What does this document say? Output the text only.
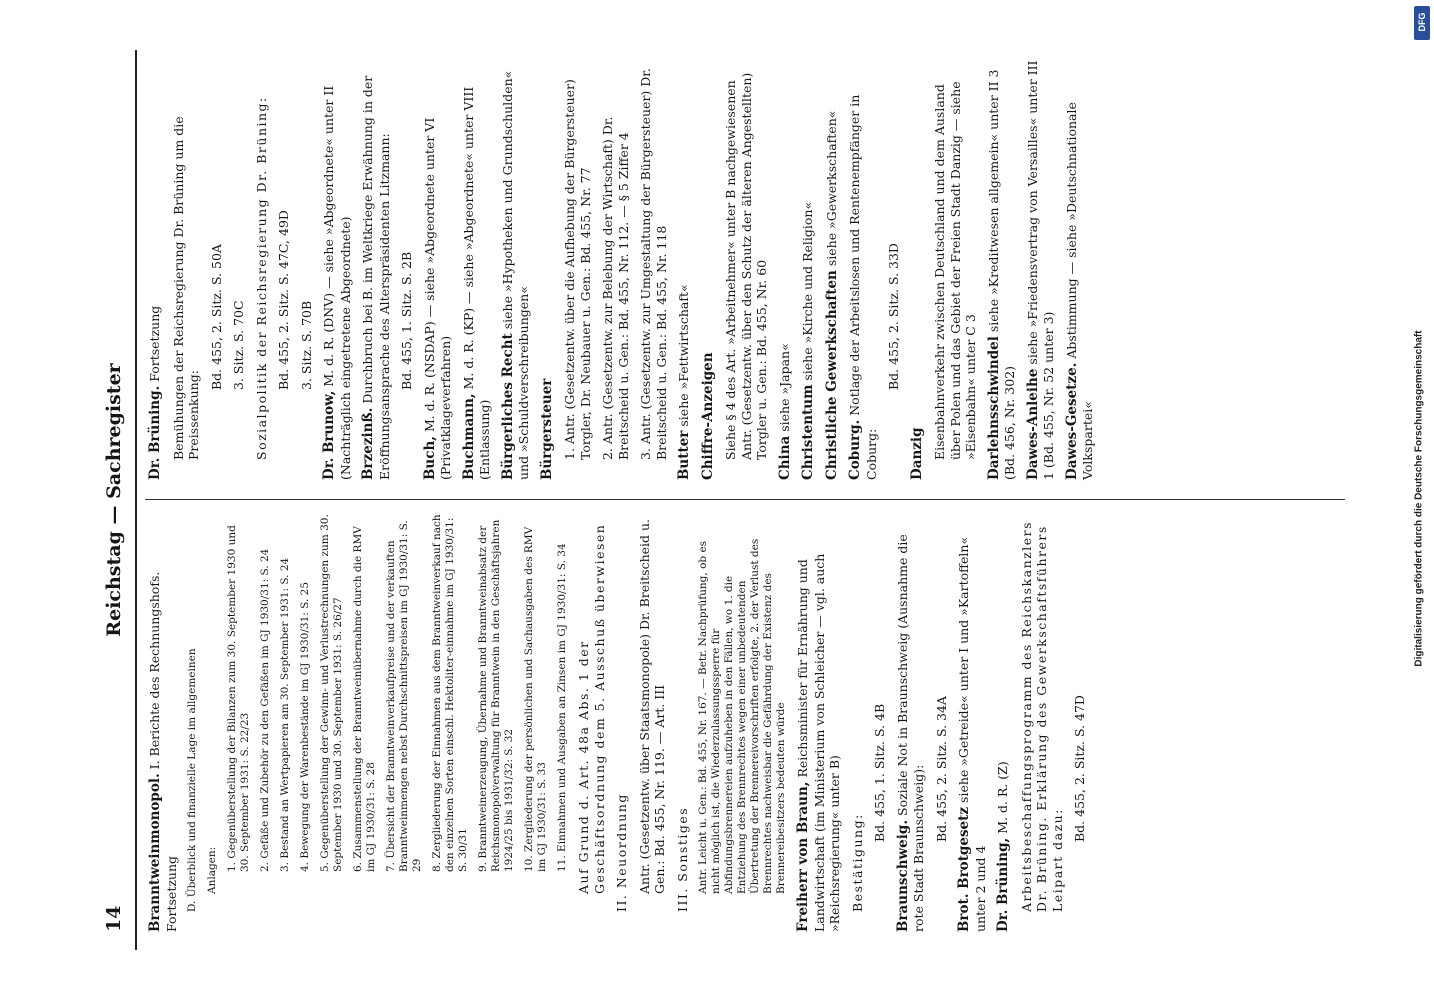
14
Reichstag — Sachregister
Branntweinmonopol. I. Berichte des Rechnungshofs. Fortsetzung D. Überblick und finanzielle Lage im allgemeinen Anlagen: 1. Gegenüberstellung der Bilanzen zum 30. September 1930 und 30. September 1931: S. 22/23 2. Gefäße und Zubehör zu den Gefäßen im GJ 1930/31: S. 24 3. Bestand an Wertpapieren am 30. September 1931: S. 24 4. Bewegung der Warenbestände im GJ 1930/31: S. 25 5. Gegenüberstellung der Gewinn- und Verlustrechnungen zum 30. September 1930 und 30. September 1931: S. 26/27 6. Zusammenstellung der Branntweinübernahme durch die RMV im GJ 1930/31: S. 28 7. Übersicht der Branntweinverkaufpreise und der verkauften Branntweinmengen nebst Durchschnittspreisen im GJ 1930/31: S. 29 8. Zergliederung der Einnahmen aus dem Branntweinverkauf nach den einzelnen Sorten einschl. Hektoliter-einnahme im GJ 1930/31: S. 30/31 9. Branntweinerzeugung, Übernahme und Branntweinabsatz der Reichsmonopolverwaltung für Branntwein in den Geschäftsjahren 1924/25 bis 1931/32: S. 32 10. Zergliederung der persönlichen und Sachausgaben des RMV im GJ 1930/31: S. 33 11. Einnahmen und Ausgaben an Zinsen im GJ 1930/31: S. 34 Auf Grund d. Art. 48a Abs. 1 der Geschäftsordnung dem 5. Ausschuß überwiesen II. Neuordnung Antr. (Gesetzentw. über Staatsmonopole) Dr. Breitscheid u. Gen.: Bd. 455, Nr. 119. — Art. III III. Sonstiges Antr. Leicht u. Gen.: Bd. 455, Nr. 167. — Betr. Nachprüfung, ob es nicht möglich ist, die Wiederzulassungssperre für Abfindungsbrennereien aufzuheben in den Fällen, wo 1. die Entziehung des Brennrechtes wegen einer unbedeutenden Übertretung der Brennereivorschriften erfolgte, 2. der Verlust des Brennrechtes nachweisbar die Gefährdung der Existenz des Brennereibesitzers bedeuten würde Freiherr von Braun, Reichsminister für Ernährung und Landwirtschaft (im Ministerium von Schleicher — vgl. auch »Reichsregierung« unter B) Bestätigung:
Bd. 455, 1. Sitz. S. 4B
Braunschweig. Soziale Not in Braunschweig (Ausnahme die rote Stadt Braunschweig): Bd. 455, 2. Sitz. S. 34A
Brot. Brotgesetz siehe »Getreide« unter I und »Kartoffeln« unter 2 und 4 Dr. Brüning, M. d. R. (Z) Arbeitsbeschaffungsprogramm des Reichskanzlers Dr. Brüning. Erklärung des Gewerkschaftsführers Leipart dazu:
Bd. 455, 2. Sitz. S. 47D
Dr. Brüning. Fortsetzung Bemühungen der Reichsregierung Dr. Brüning um die Preissenkung:
Bd. 455, 2. Sitz. S. 50A 3. Sitz. S. 70C Sozialpolitik der Reichsregierung Dr. Brüning: Bd. 455, 2. Sitz. S. 47C, 49D 3. Sitz. S. 70B
Dr. Brunow, M. d. R. (DNV) — siehe »Abgeordnete« unter II (Nachträglich eingetretene Abgeordnete) Brzezinß. Durchbruch bei B. im Weltkriege Erwähnung in der Eröffnungsansprache des Alterspräsidenten Litzmann: Bd. 455, 1. Sitz. S. 2B
Buch, M. d. R. (NSDAP) — siehe »Abgeordnete unter VI (Privatklageverfahren) Buchmann, M. d. R. (KP) — siehe »Abgeordnete« unter VIII (Entlassung) Bürgerliches Recht siehe »Hypotheken und Grundschulden« und »Schuldverschreibungen« Bürgersteuer 1. Antr. (Gesetzentw. über die Aufhebung der Bürgersteuer) Torgler, Dr. Neubauer u. Gen.: Bd. 455, Nr. 77 2. Antr. (Gesetzentw. zur Belebung der Wirtschaft) Dr. Breitscheid u. Gen.: Bd. 455, Nr. 112. — § 5 Ziffer 4 3. Antr. (Gesetzentw. zur Umgestaltung der Bürgersteuer) Dr. Breitscheid u. Gen.: Bd. 455, Nr. 118 Butter siehe »Fettwirtschaft« Chiffre-Anzeigen Siehe § 4 des Art. »Arbeitnehmer« unter B nachgewiesenen Antr. (Gesetzentw. über den Schutz der älteren Angestellten) Torgler u. Gen.: Bd. 455, Nr. 60 China siehe »Japan« Christentum siehe »Kirche und Religion« Christliche Gewerkschaften siehe »Gewerkschaften«
Coburg. Notlage der Arbeitslosen und Rentenempfänger in Coburg:
Bd. 455, 2. Sitz. S. 33D
Danzig Eisenbahnverkehr zwischen Deutschland und dem Ausland über Polen und das Gebiet der Freien Stadt Danzig — siehe »Eisenbahn« unter C 3 Darlehnsschwindel siehe »Kreditwesen allgemein« unter II 3 (Bd. 456, Nr. 302) Dawes-Anleihe siehe »Friedensvertrag von Versailles« unter III 1 (Bd. 455, Nr. 52 unter 3) Dawes-Gesetze. Abstimmung — siehe »Deutschnationale Volkspartei«
DFG
Digitalisierung gefördert durch die Deutsche Forschungsgemeinschaft
